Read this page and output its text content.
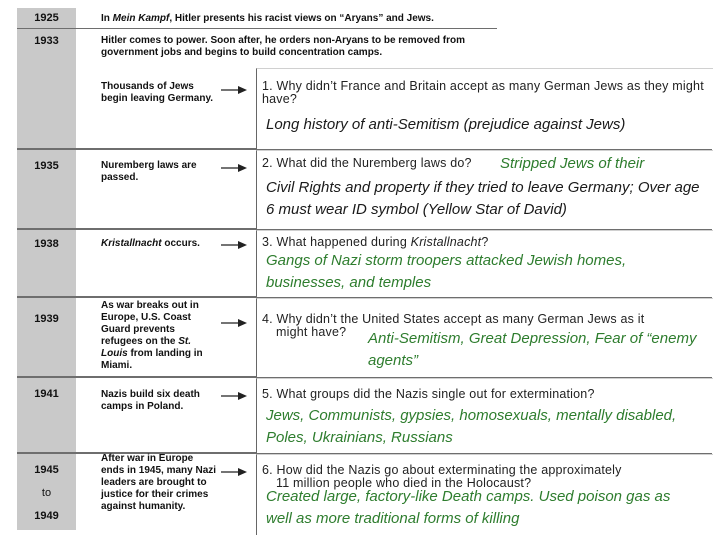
1925
1933
1935
1938
1939
1941
1945
to
1949
In Mein Kampf, Hitler presents his racist views on “Aryans” and Jews.
Hitler comes to power. Soon after, he orders non-Aryans to be removed from government jobs and begins to build concentration camps.
Thousands of Jews begin leaving Germany.
Nuremberg laws are passed.
Kristallnacht occurs.
As war breaks out in Europe, U.S. Coast Guard prevents refugees on the St. Louis from landing in Miami.
Nazis build six death camps in Poland.
After war in Europe ends in 1945, many Nazi leaders are brought to justice for their crimes against humanity.
1. Why didn’t France and Britain accept as many German Jews as they might have?
2. What did the Nuremberg laws do?
3. What happened during Kristallnacht?
4. Why didn’t the United States accept as many German Jews as it
might have?
5. What groups did the Nazis single out for extermination?
6. How did the Nazis go about exterminating the approximately
11 million people who died in the Holocaust?
Long history of anti-Semitism (prejudice against Jews)
Stripped Jews of their
Civil Rights and property if they tried to leave Germany; Over age 6 must wear ID symbol (Yellow Star of David)
Gangs of Nazi storm troopers attacked Jewish homes, businesses, and temples
Anti-Semitism, Great Depression, Fear of “enemy agents”
Jews, Communists, gypsies, homosexuals, mentally disabled, Poles, Ukrainians, Russians
Created large, factory-like Death camps. Used poison gas as well as more traditional forms of killing
